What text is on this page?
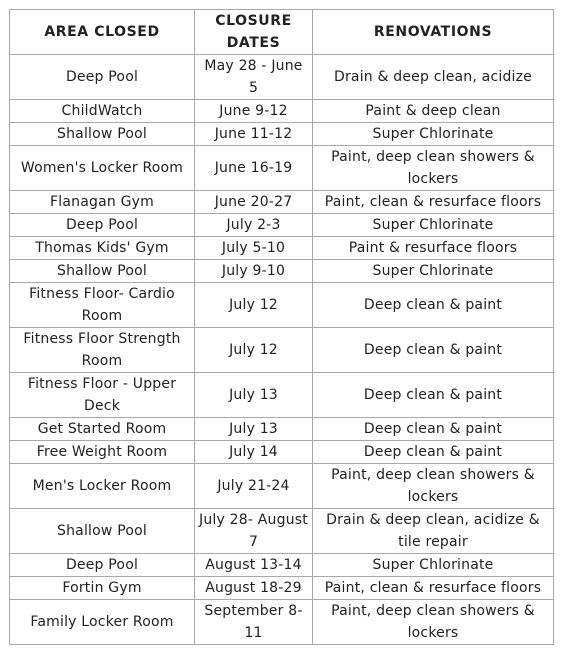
AREA CLOSED	CLOSURE DATES	RENOVATIONS
Deep Pool	May 28 - June 5	Drain & deep clean, acidize
ChildWatch	June 9-12	Paint & deep clean
Shallow Pool	June 11-12	Super Chlorinate
Women's Locker Room	June 16-19	Paint, deep clean showers & lockers
Flanagan Gym	June 20-27	Paint, clean & resurface floors
Deep Pool	July 2-3	Super Chlorinate
Thomas Kids' Gym	July 5-10	Paint & resurface floors
Shallow Pool	July 9-10	Super Chlorinate
Fitness Floor- Cardio Room	July 12	Deep clean & paint
Fitness Floor Strength Room	July 12	Deep clean & paint
Fitness Floor - Upper Deck	July 13	Deep clean & paint
Get Started Room	July 13	Deep clean & paint
Free Weight Room	July 14	Deep clean & paint
Men's Locker Room	July 21-24	Paint, deep clean showers & lockers
Shallow Pool	July 28- August 7	Drain & deep clean, acidize & tile repair
Deep Pool	August 13-14	Super Chlorinate
Fortin Gym	August 18-29	Paint, clean & resurface floors
Family Locker Room	September 8-11	Paint, deep clean showers & lockers
